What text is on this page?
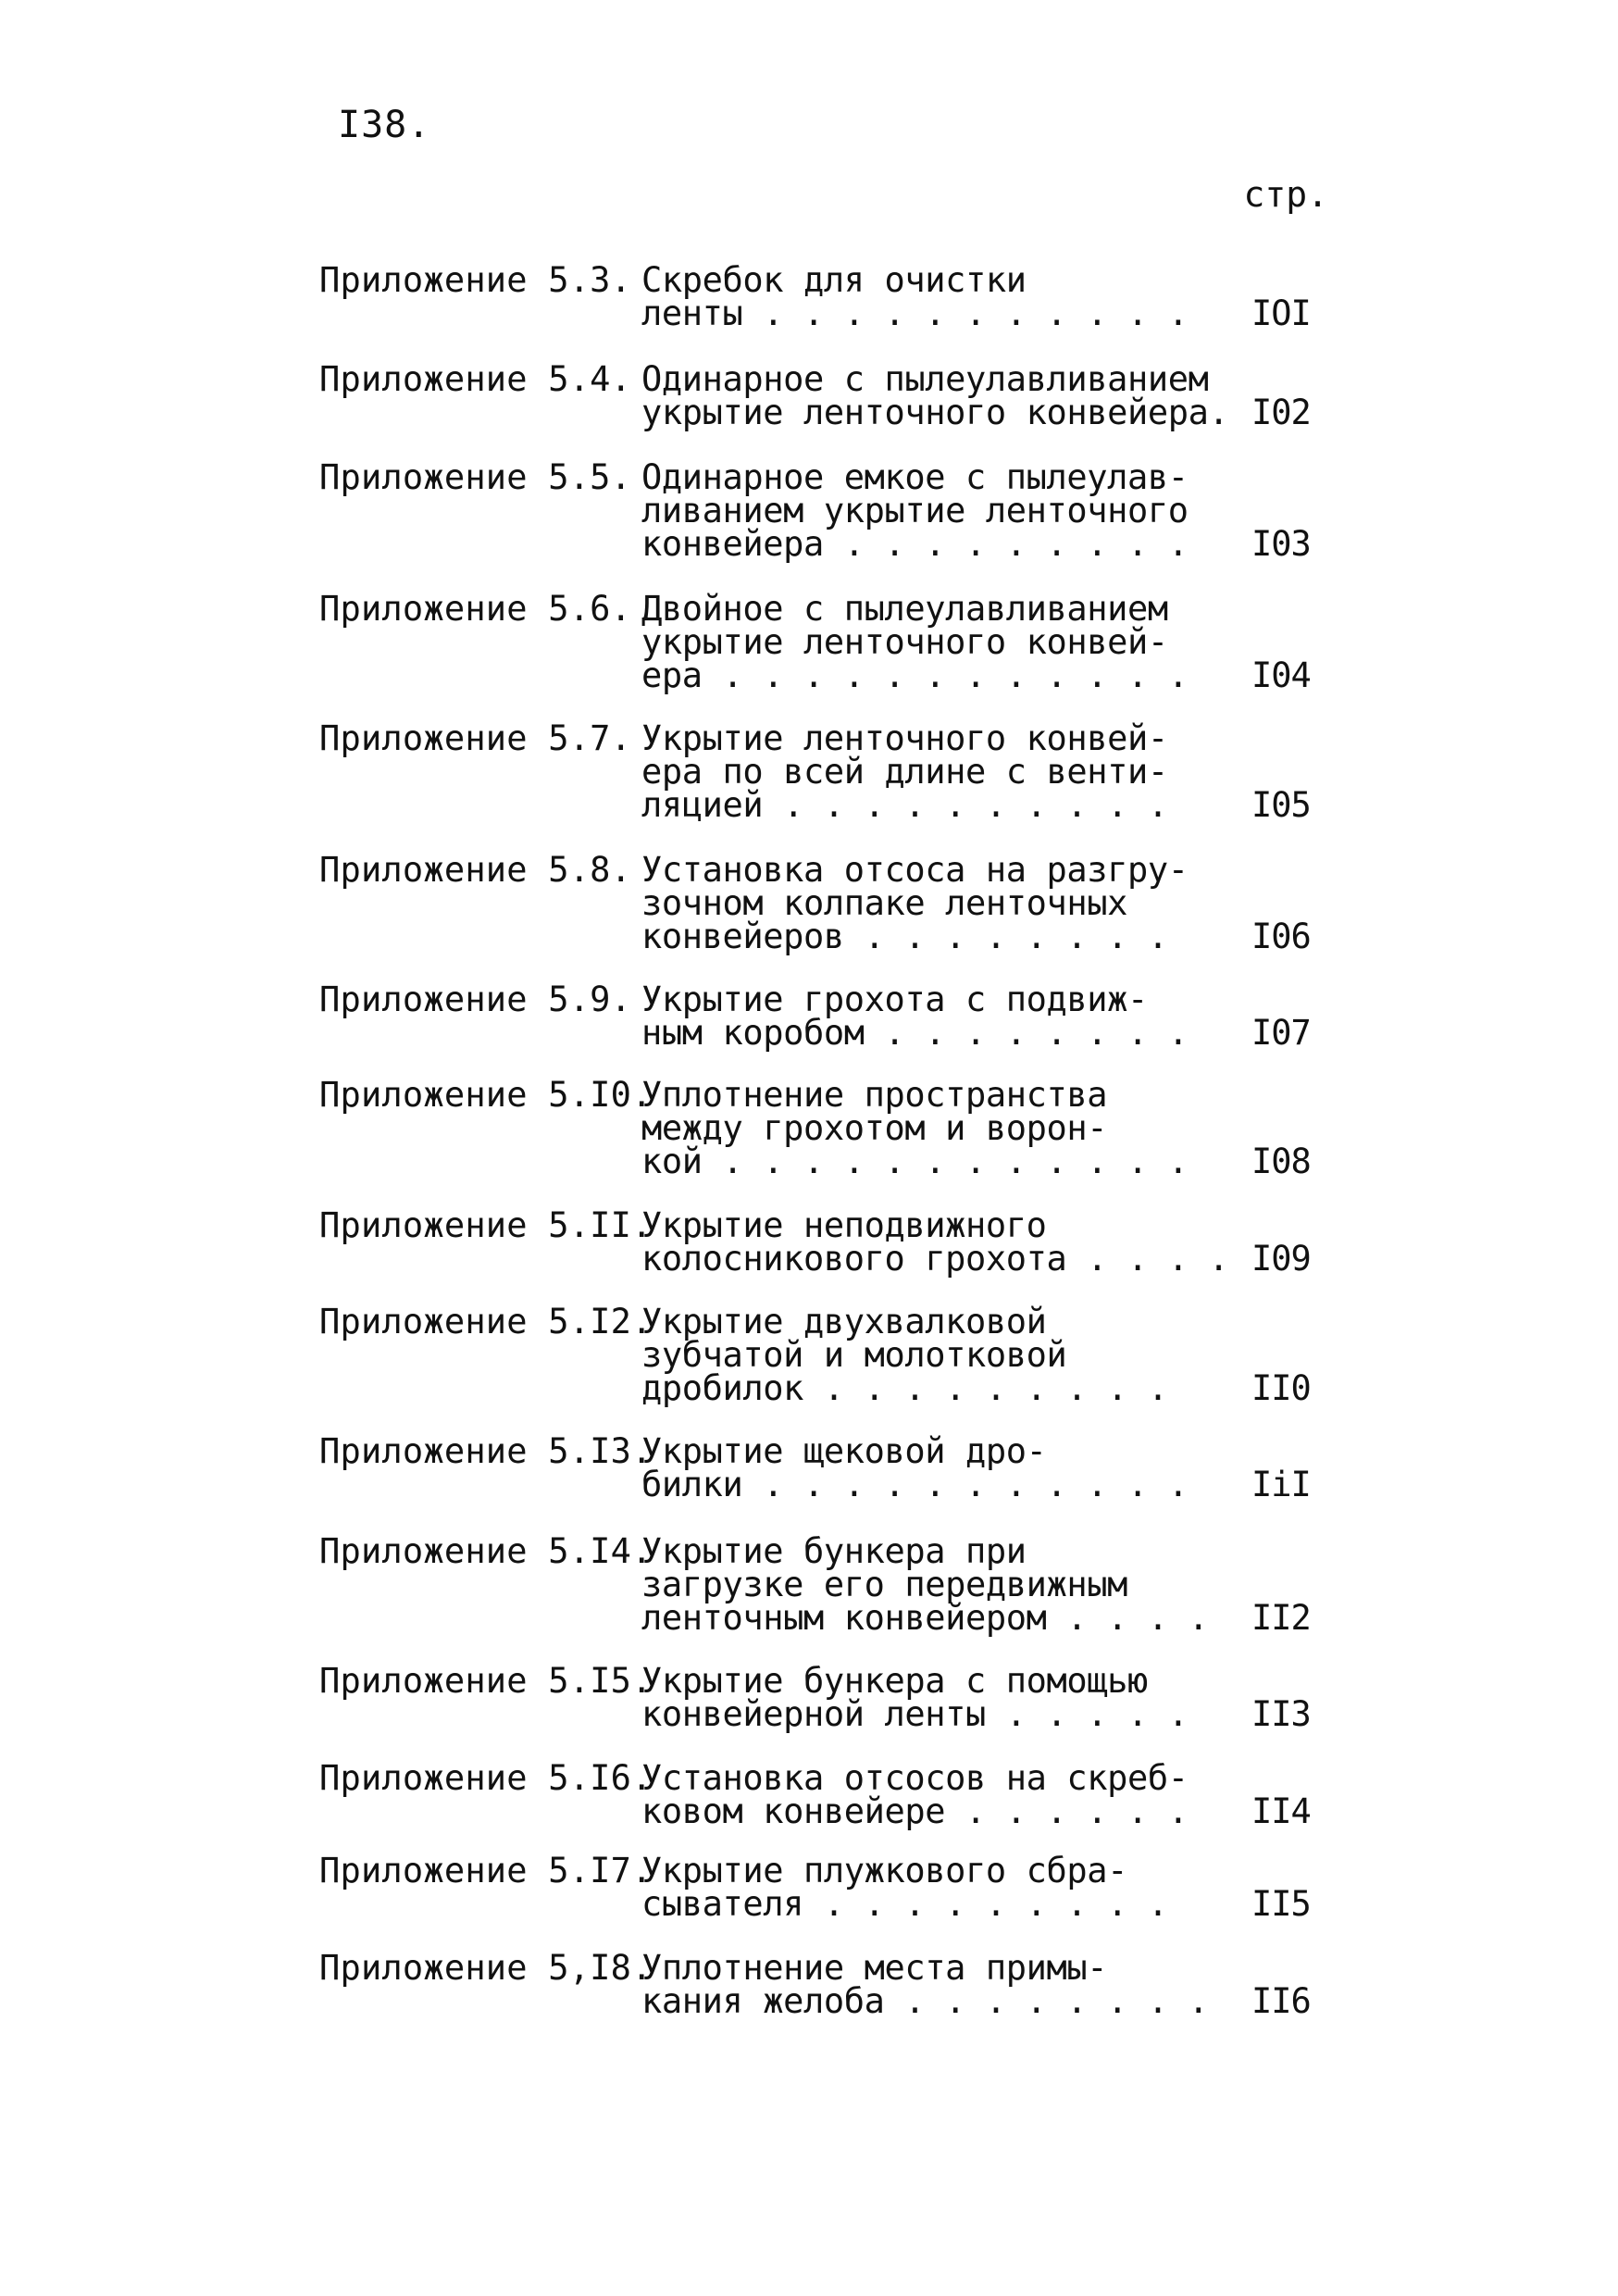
I38.
стр.
Приложение 5.3. Скребок для очистки
ленты . . . . . . . . . . .	IOI
Приложение 5.4. Одинарное с пылеулавливанием
укрытие ленточного конвейера. I02
Приложение 5.5. Одинарное емкое с пылеулав-
ливанием укрытие ленточного
конвейера . . . . . . . . .	I03
Приложение 5.6. Двойное с пылеулавливанием
укрытие ленточного конвей-
ера . . . . . . . . . . . .	I04
Приложение 5.7. Укрытие ленточного конвей-
ера по всей длине с венти-
ляцией . . . . . . . . . .	I05
Приложение 5.8. Установка отсоса на разгру-
зочном колпаке ленточных
конвейеров . . . . . . . .	I06
Приложение 5.9. Укрытие грохота с подвиж-
ным коробом . . . . . . . .	I07
Приложение 5.I0.
Уплотнение пространства
между грохотом и ворон-
кой . . . . . . . . . . . .	I08
Приложение 5.II.
Укрытие неподвижного
колосникового грохота . . . . I09
Приложение 5.I2.
Укрытие двухвалковой
зубчатой и молотковой
дробилок . . . . . . . . .	II0
Приложение 5.I3.
Укрытие щековой дро-
билки . . . . . . . . . . .	IiI
Приложение 5.I4.
Укрытие бункера при
загрузке его передвижным
ленточным конвейером . . . .	II2
Приложение 5.I5.
Укрытие бункера с помощью
конвейерной ленты . . . . .	II3
Приложение 5.I6.
Установка отсосов на скреб-
ковом конвейере . . . . . .	II4
Приложение 5.I7.
Укрытие плужкового сбра-
сывателя . . . . . . . . .	II5
Приложение 5,I8.
Уплотнение места примы-
кания желоба . . . . . . . .	II6
